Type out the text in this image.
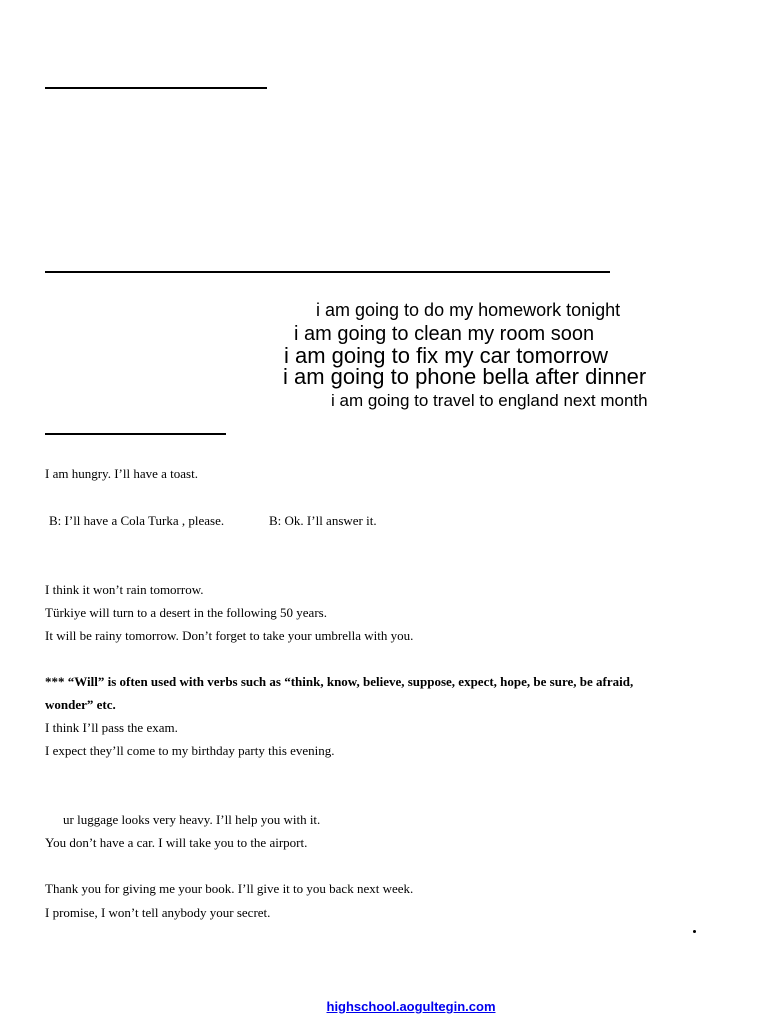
i am going to do my homework tonight
i am going to clean my room soon
i am going to fix my car tomorrow
i am going to phone bella after dinner
i am going to travel to england next month
I am hungry. I’ll have a toast.
B: I’ll have a Cola Turka , please.	B: Ok. I’ll answer it.
I think it won’t rain tomorrow.
Türkiye will turn to a desert in the following 50 years.
It will be rainy tomorrow. Don’t forget to take your umbrella with you.
*** “Will” is often used with verbs such as “think, know, believe, suppose, expect, hope, be sure, be afraid,
wonder” etc.
I think I’ll pass the exam.
I expect they’ll come to my birthday party this evening.
ur luggage looks very heavy. I’ll help you with it.
You don’t have a car. I will take you to the airport.
Thank you for giving me your book. I’ll give it to you back next week.
I promise, I won’t tell anybody your secret.
highschool.aogultegin.com
